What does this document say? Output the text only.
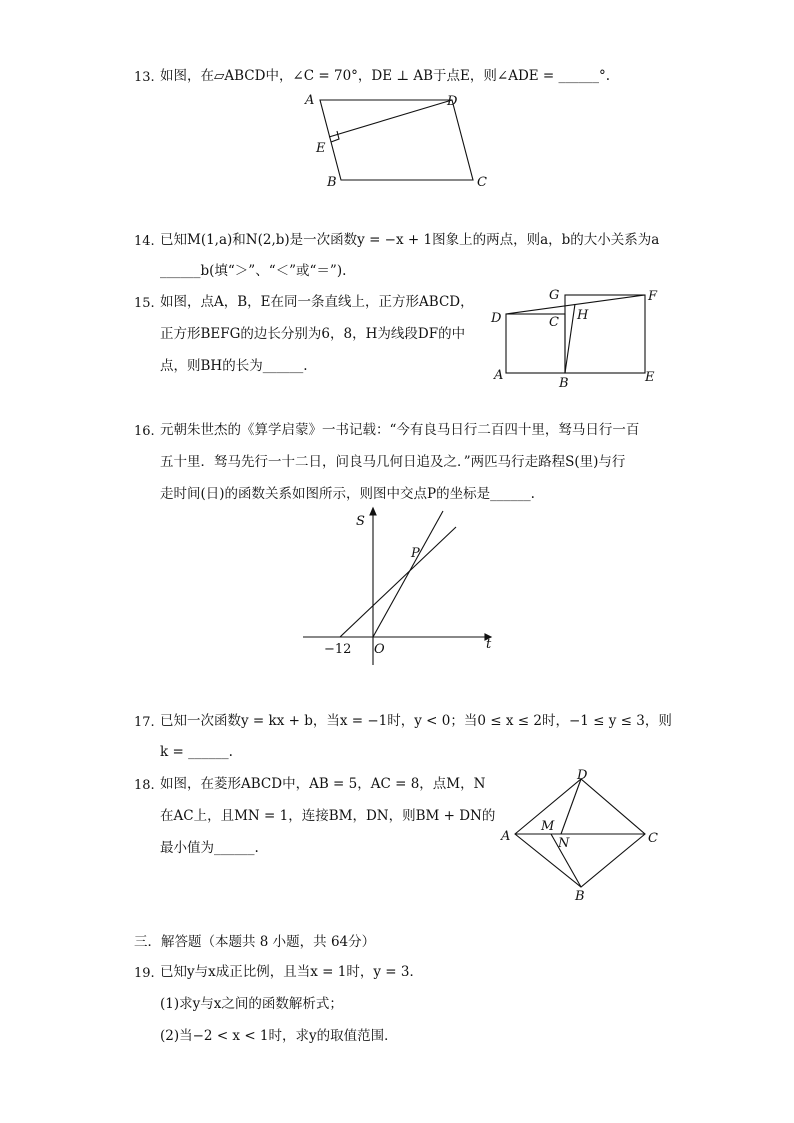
13. 如图，在▱ABCD中，∠C = 70°，DE ⊥ AB于点E，则∠ADE = ______°.
A	D
E
B	C
14. 已知M(1,a)和N(2,b)是一次函数y = −x + 1图象上的两点，则a，b的大小关系为a
______b(填“＞”、“＜”或“＝”).
15. 如图，点A，B，E在同一条直线上，正方形ABCD，
正方形BEFG的边长分别为6，8，H为线段DF的中
点，则BH的长为______.
G	F
D	C H
A
B	E
16. 元朝朱世杰的《算学启蒙》一书记载：“今有良马日行二百四十里，驽马日行一百
五十里．驽马先行一十二日，问良马几何日追及之．”两匹马行走路程S(里)与行
走时间(日)的函数关系如图所示，则图中交点P的坐标是______.
S
P
t
−12 O
17. 已知一次函数y = kx + b，当x = −1时，y < 0；当0 ≤ x ≤ 2时，−1 ≤ y ≤ 3，则
k = ______.
18. 如图，在菱形ABCD中，AB = 5，AC = 8，点M，N
在AC上，且MN = 1，连接BM，DN，则BM + DN的
最小值为______.
D
M
A	C
N
B
三．解答题（本题共 8 小题，共 64分）
19. 已知y与x成正比例，且当x = 1时，y = 3．
(1)求y与x之间的函数解析式；
(2)当−2 < x < 1时，求y的取值范围．
